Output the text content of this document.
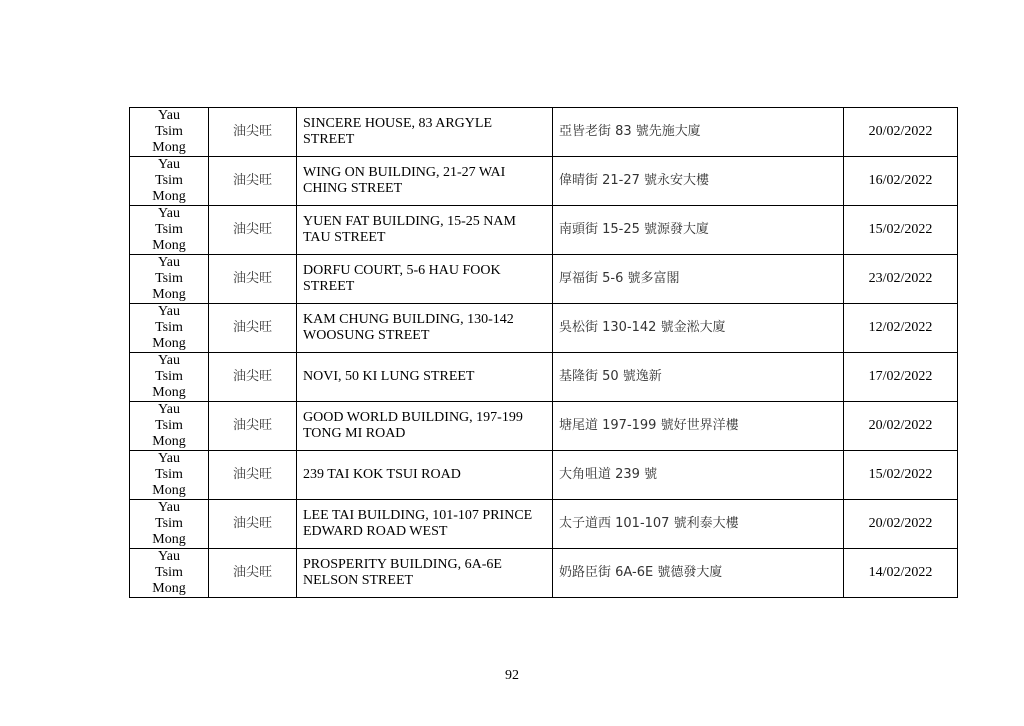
Yau
Tsim
Mong	油尖旺	SINCERE HOUSE, 83 ARGYLE STREET	亞皆老街 83 號先施大廈	20/02/2022

Yau
Tsim
Mong	油尖旺	WING ON BUILDING, 21-27 WAI CHING STREET	偉晴街 21-27 號永安大樓	16/02/2022

Yau
Tsim
Mong	油尖旺	YUEN FAT BUILDING, 15-25 NAM TAU STREET	南頭街 15-25 號源發大廈	15/02/2022

Yau
Tsim
Mong	油尖旺	DORFU COURT, 5-6 HAU FOOK STREET	厚福街 5-6 號多富閣	23/02/2022

Yau
Tsim
Mong	油尖旺	KAM CHUNG BUILDING, 130-142 WOOSUNG STREET	吳松街 130-142 號金淞大廈	12/02/2022

Yau
Tsim
Mong	油尖旺	NOVI, 50 KI LUNG STREET	基隆街 50 號逸新	17/02/2022

Yau
Tsim
Mong	油尖旺	GOOD WORLD BUILDING, 197-199 TONG MI ROAD	塘尾道 197-199 號好世界洋樓	20/02/2022

Yau
Tsim
Mong	油尖旺	239 TAI KOK TSUI ROAD	大角咀道 239 號	15/02/2022

Yau
Tsim
Mong	油尖旺	LEE TAI BUILDING, 101-107 PRINCE EDWARD ROAD WEST	太子道西 101-107 號利泰大樓	20/02/2022

Yau
Tsim
Mong	油尖旺	PROSPERITY BUILDING, 6A-6E NELSON STREET	奶路臣街 6A-6E 號德發大廈	14/02/2022
92
